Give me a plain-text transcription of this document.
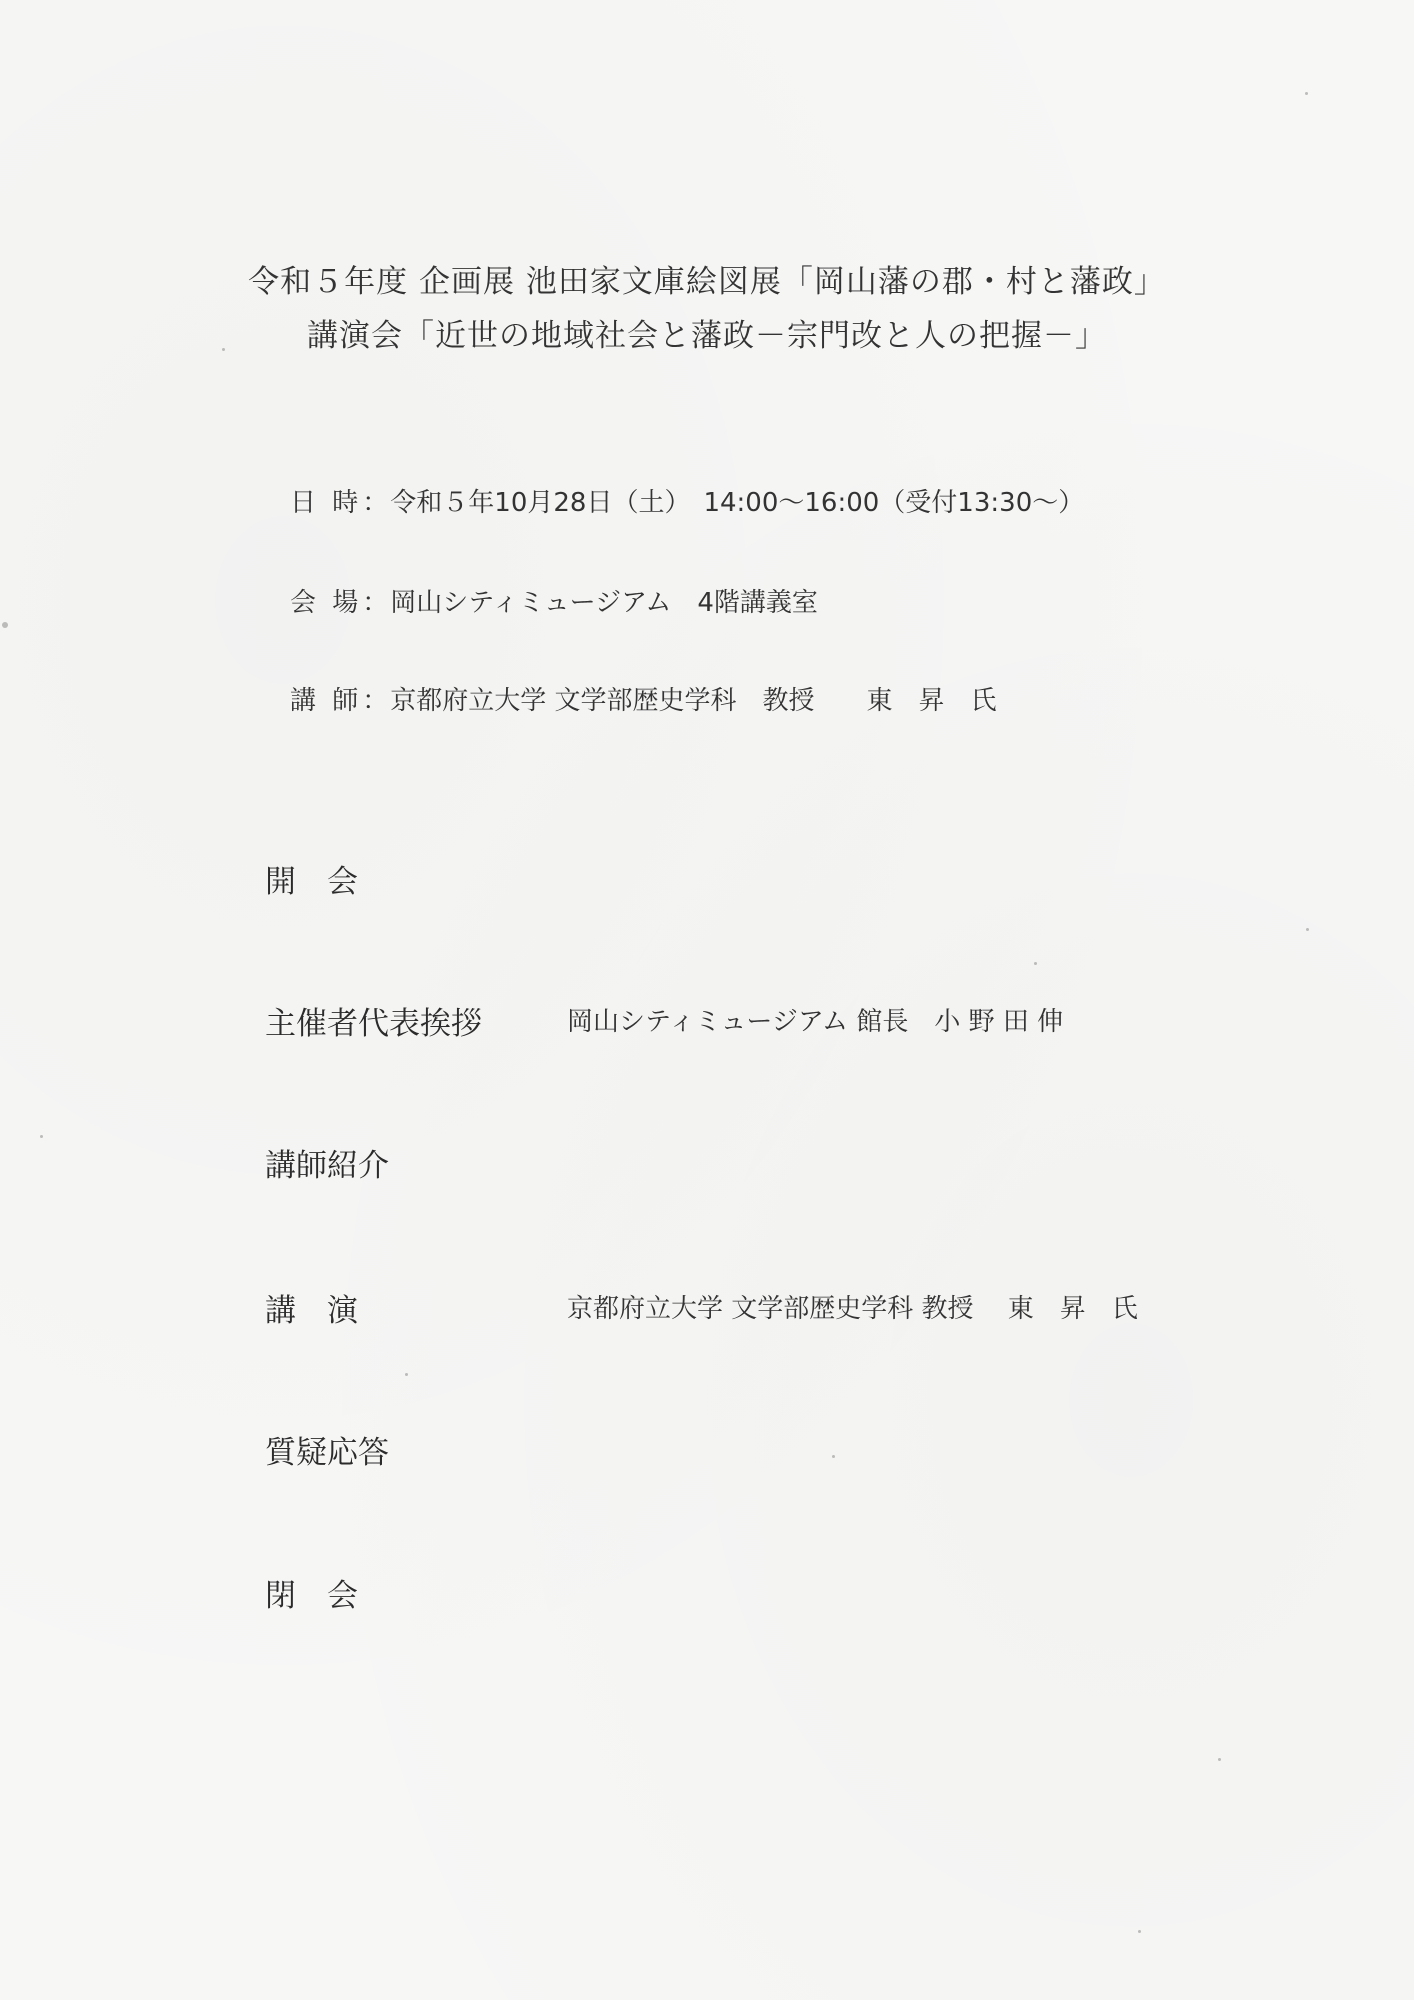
令和５年度 企画展 池田家文庫絵図展「岡山藩の郡・村と藩政」
講演会「近世の地域社会と藩政－宗門改と人の把握－」
日 時：令和５年10月28日（土）　14:00～16:00（受付13:30～）
会 場：岡山シティミュージアム　4階講義室
講 師：京都府立大学 文学部歴史学科　教授　　東　昇　氏
開　会
主催者代表挨拶	岡山シティミュージアム 館長　小 野 田 伸
講師紹介
講　演	京都府立大学 文学部歴史学科 教授　 東　昇　氏
質疑応答
閉　会
